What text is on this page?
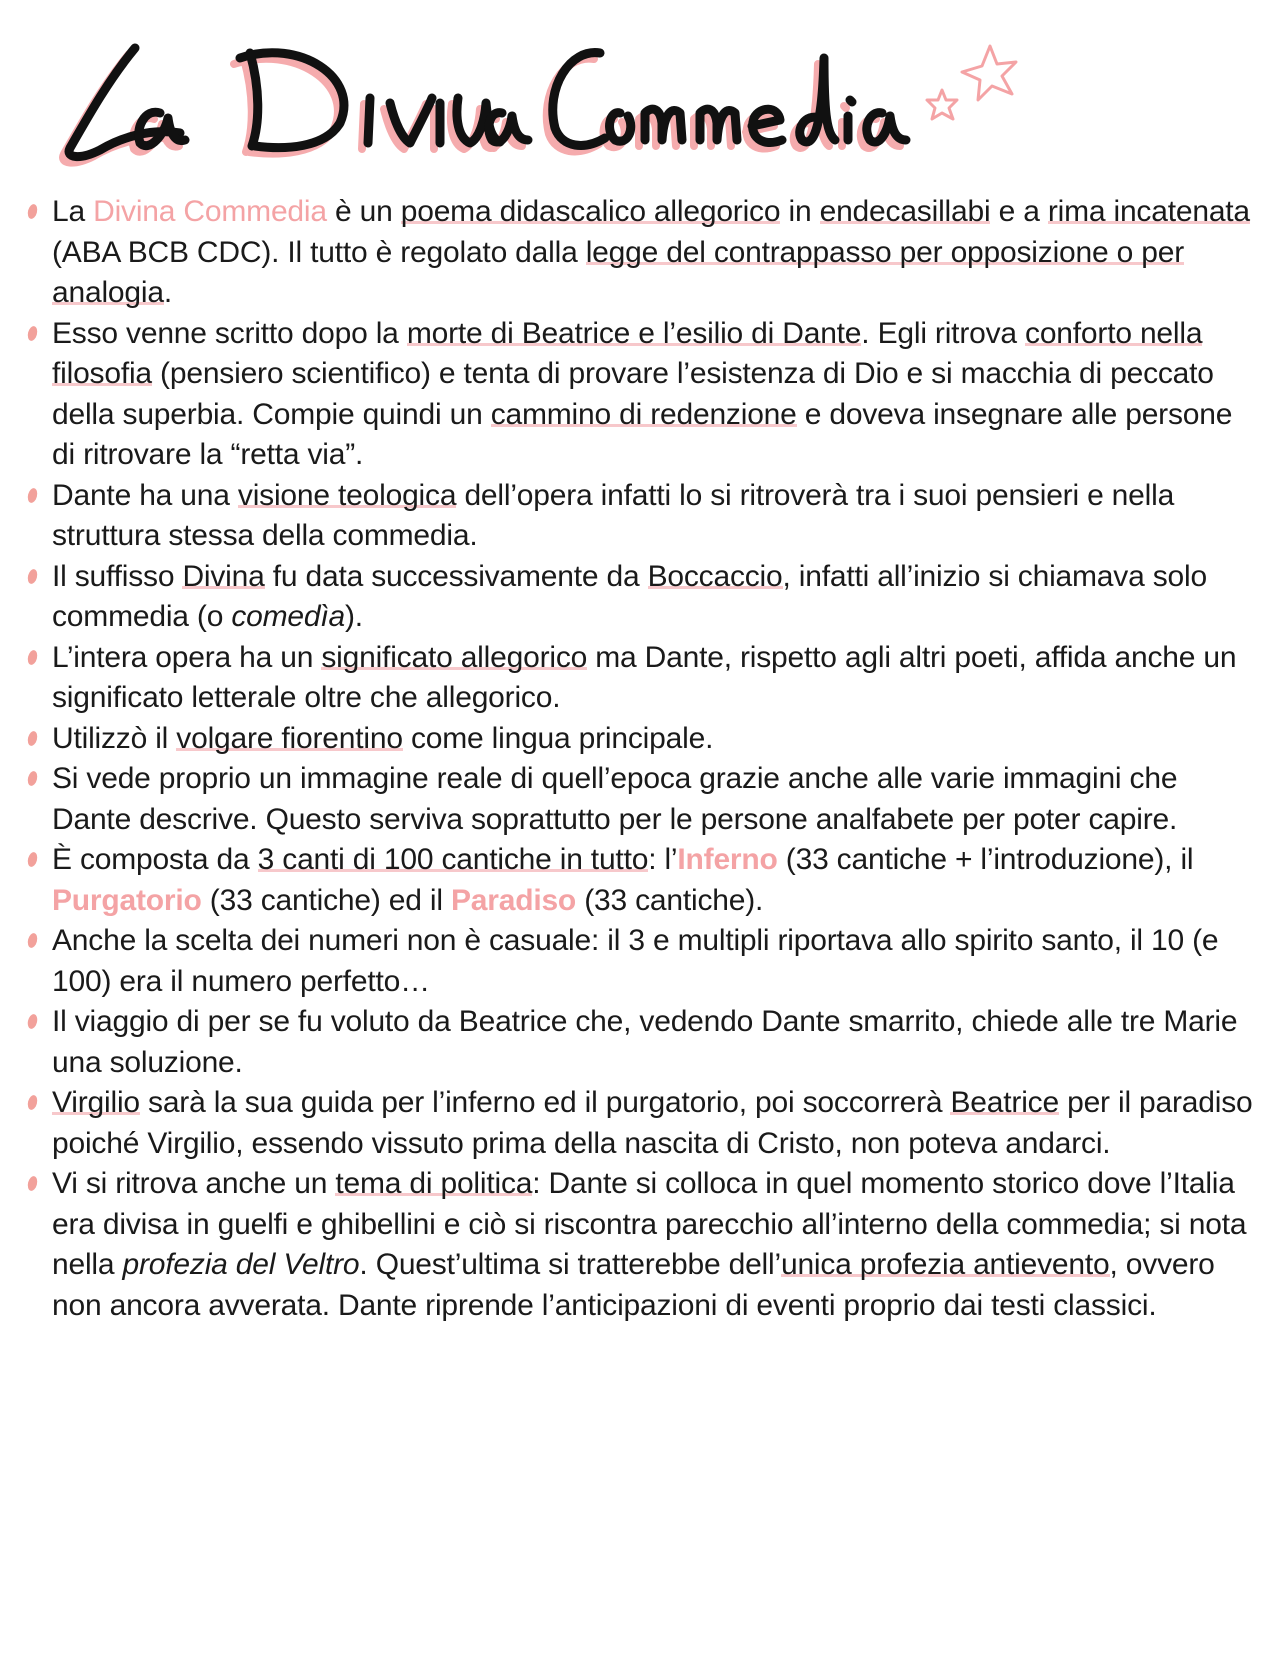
La Divina Commedia è un poema didascalico allegorico in endecasillabi e a rima incatenata (ABA BCB CDC). Il tutto è regolato dalla legge del contrappasso per opposizione o per analogia.
Esso venne scritto dopo la morte di Beatrice e l’esilio di Dante. Egli ritrova conforto nella filosofia (pensiero scientifico) e tenta di provare l’esistenza di Dio e si macchia di peccato della superbia. Compie quindi un cammino di redenzione e doveva insegnare alle persone di ritrovare la “retta via”.
Dante ha una visione teologica dell’opera infatti lo si ritroverà tra i suoi pensieri e nella struttura stessa della commedia.
Il suffisso Divina fu data successivamente da Boccaccio, infatti all’inizio si chiamava solo commedia (o comedìa).
L’intera opera ha un significato allegorico ma Dante, rispetto agli altri poeti, affida anche un significato letterale oltre che allegorico.
Utilizzò il volgare fiorentino come lingua principale.
Si vede proprio un immagine reale di quell’epoca grazie anche alle varie immagini che Dante descrive. Questo serviva soprattutto per le persone analfabete per poter capire.
È composta da 3 canti di 100 cantiche in tutto: l’Inferno (33 cantiche + l’introduzione), il Purgatorio (33 cantiche) ed il Paradiso (33 cantiche).
Anche la scelta dei numeri non è casuale: il 3 e multipli riportava allo spirito santo, il 10 (e 100) era il numero perfetto…
Il viaggio di per se fu voluto da Beatrice che, vedendo Dante smarrito, chiede alle tre Marie una soluzione.
Virgilio sarà la sua guida per l’inferno ed il purgatorio, poi soccorrerà Beatrice per il paradiso poiché Virgilio, essendo vissuto prima della nascita di Cristo, non poteva andarci.
Vi si ritrova anche un tema di politica: Dante si colloca in quel momento storico dove l’Italia era divisa in guelfi e ghibellini e ciò si riscontra parecchio all’interno della commedia; si nota nella profezia del Veltro. Quest’ultima si tratterebbe dell’unica profezia antievento, ovvero non ancora avverata. Dante riprende l’anticipazioni di eventi proprio dai testi classici.
